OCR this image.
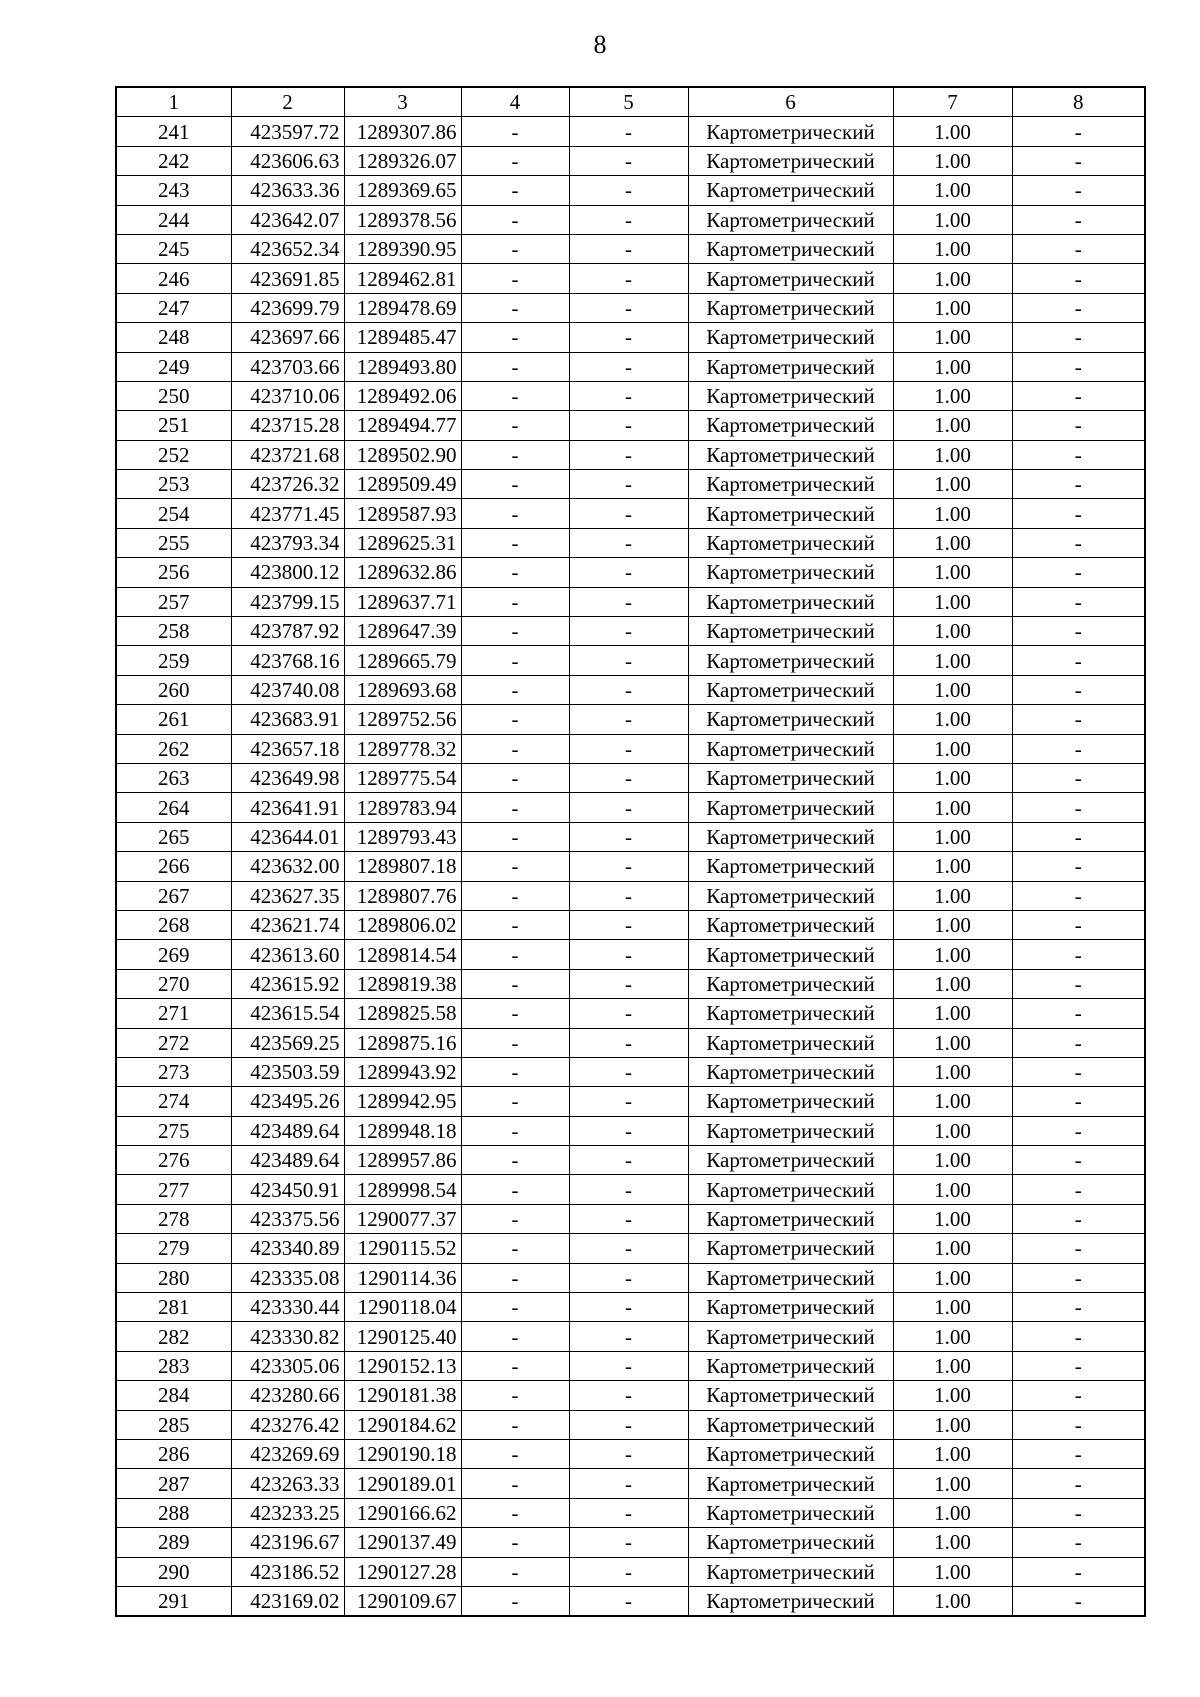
8
1	2	3	4	5	6	7	8
241	423597.72	1289307.86	-	-	Картометрический	1.00	-
242	423606.63	1289326.07	-	-	Картометрический	1.00	-
243	423633.36	1289369.65	-	-	Картометрический	1.00	-
244	423642.07	1289378.56	-	-	Картометрический	1.00	-
245	423652.34	1289390.95	-	-	Картометрический	1.00	-
246	423691.85	1289462.81	-	-	Картометрический	1.00	-
247	423699.79	1289478.69	-	-	Картометрический	1.00	-
248	423697.66	1289485.47	-	-	Картометрический	1.00	-
249	423703.66	1289493.80	-	-	Картометрический	1.00	-
250	423710.06	1289492.06	-	-	Картометрический	1.00	-
251	423715.28	1289494.77	-	-	Картометрический	1.00	-
252	423721.68	1289502.90	-	-	Картометрический	1.00	-
253	423726.32	1289509.49	-	-	Картометрический	1.00	-
254	423771.45	1289587.93	-	-	Картометрический	1.00	-
255	423793.34	1289625.31	-	-	Картометрический	1.00	-
256	423800.12	1289632.86	-	-	Картометрический	1.00	-
257	423799.15	1289637.71	-	-	Картометрический	1.00	-
258	423787.92	1289647.39	-	-	Картометрический	1.00	-
259	423768.16	1289665.79	-	-	Картометрический	1.00	-
260	423740.08	1289693.68	-	-	Картометрический	1.00	-
261	423683.91	1289752.56	-	-	Картометрический	1.00	-
262	423657.18	1289778.32	-	-	Картометрический	1.00	-
263	423649.98	1289775.54	-	-	Картометрический	1.00	-
264	423641.91	1289783.94	-	-	Картометрический	1.00	-
265	423644.01	1289793.43	-	-	Картометрический	1.00	-
266	423632.00	1289807.18	-	-	Картометрический	1.00	-
267	423627.35	1289807.76	-	-	Картометрический	1.00	-
268	423621.74	1289806.02	-	-	Картометрический	1.00	-
269	423613.60	1289814.54	-	-	Картометрический	1.00	-
270	423615.92	1289819.38	-	-	Картометрический	1.00	-
271	423615.54	1289825.58	-	-	Картометрический	1.00	-
272	423569.25	1289875.16	-	-	Картометрический	1.00	-
273	423503.59	1289943.92	-	-	Картометрический	1.00	-
274	423495.26	1289942.95	-	-	Картометрический	1.00	-
275	423489.64	1289948.18	-	-	Картометрический	1.00	-
276	423489.64	1289957.86	-	-	Картометрический	1.00	-
277	423450.91	1289998.54	-	-	Картометрический	1.00	-
278	423375.56	1290077.37	-	-	Картометрический	1.00	-
279	423340.89	1290115.52	-	-	Картометрический	1.00	-
280	423335.08	1290114.36	-	-	Картометрический	1.00	-
281	423330.44	1290118.04	-	-	Картометрический	1.00	-
282	423330.82	1290125.40	-	-	Картометрический	1.00	-
283	423305.06	1290152.13	-	-	Картометрический	1.00	-
284	423280.66	1290181.38	-	-	Картометрический	1.00	-
285	423276.42	1290184.62	-	-	Картометрический	1.00	-
286	423269.69	1290190.18	-	-	Картометрический	1.00	-
287	423263.33	1290189.01	-	-	Картометрический	1.00	-
288	423233.25	1290166.62	-	-	Картометрический	1.00	-
289	423196.67	1290137.49	-	-	Картометрический	1.00	-
290	423186.52	1290127.28	-	-	Картометрический	1.00	-
291	423169.02	1290109.67	-	-	Картометрический	1.00	-
